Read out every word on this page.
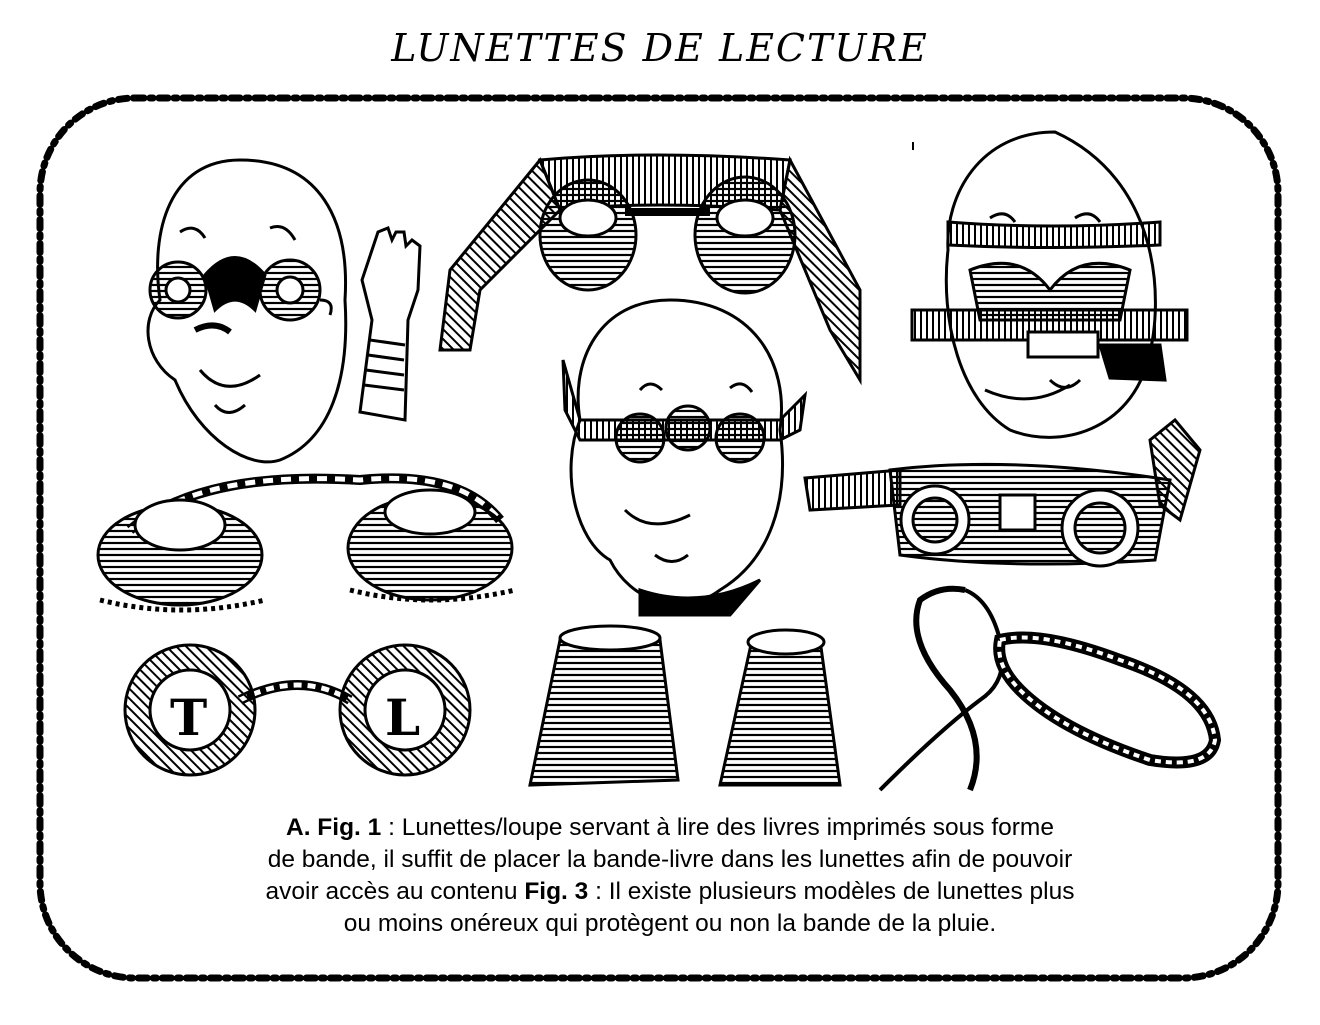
LUNETTES DE LECTURE
T	L
A. Fig. 1 : Lunettes/loupe servant à lire des livres imprimés sous forme
de bande, il suffit de placer la bande-livre dans les lunettes afin de pouvoir
avoir accès au contenu Fig. 3 : Il existe plusieurs modèles de lunettes plus
ou moins onéreux qui protègent ou non la bande de la pluie.
